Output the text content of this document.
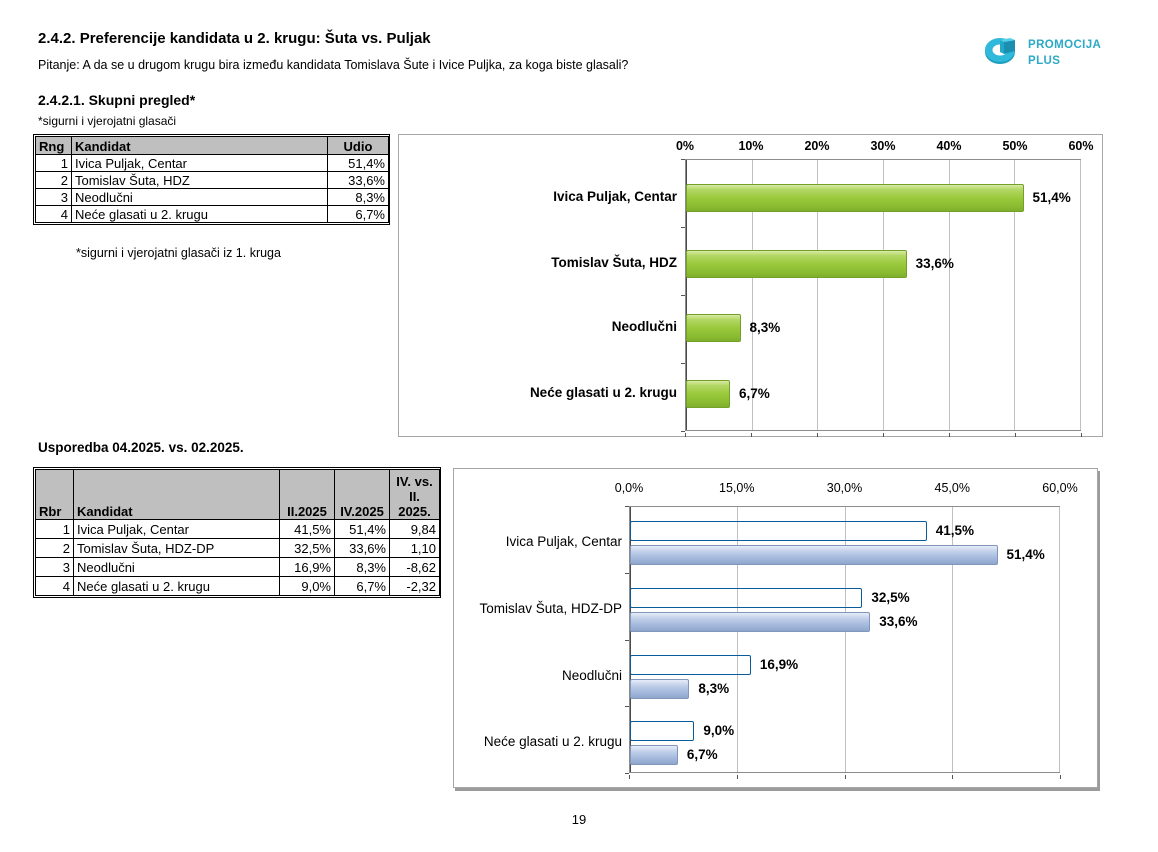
2.4.2. Preferencije kandidata u 2. krugu: Šuta vs. Puljak
Pitanje: A da se u drugom krugu bira između kandidata Tomislava Šute i Ivice Puljka, za koga biste glasali?
PROMOCIJA
PLUS
2.4.2.1. Skupni pregled*
*sigurni i vjerojatni glasači
Rng	Kandidat	Udio
1	Ivica Puljak, Centar	51,4%
2	Tomislav Šuta, HDZ	33,6%
3	Neodlučni	8,3%
4	Neće glasati u 2. krugu	6,7%
*sigurni i vjerojatni glasači iz 1. kruga
51,4%
33,6%
8,3%
6,7%
0%	10%	20%	30%	40%	50%	60%
Ivica Puljak, Centar
Tomislav Šuta, HDZ
Neodlučni
Neće glasati u 2. krugu
Usporedba 04.2025. vs. 02.2025.
Rbr	Kandidat	II.2025	IV.2025	IV. vs. II. 2025.
1	Ivica Puljak, Centar	41,5%	51,4%	9,84
2	Tomislav Šuta, HDZ-DP	32,5%	33,6%	1,10
3	Neodlučni	16,9%	8,3%	-8,62
4	Neće glasati u 2. krugu	9,0%	6,7%	-2,32
41,5%
51,4%
32,5%
33,6%
16,9%
8,3%
9,0%
6,7%
0,0%	15,0%	30,0%	45,0%	60,0%
Ivica Puljak, Centar
Tomislav Šuta, HDZ-DP
Neodlučni
Neće glasati u 2. krugu
19
